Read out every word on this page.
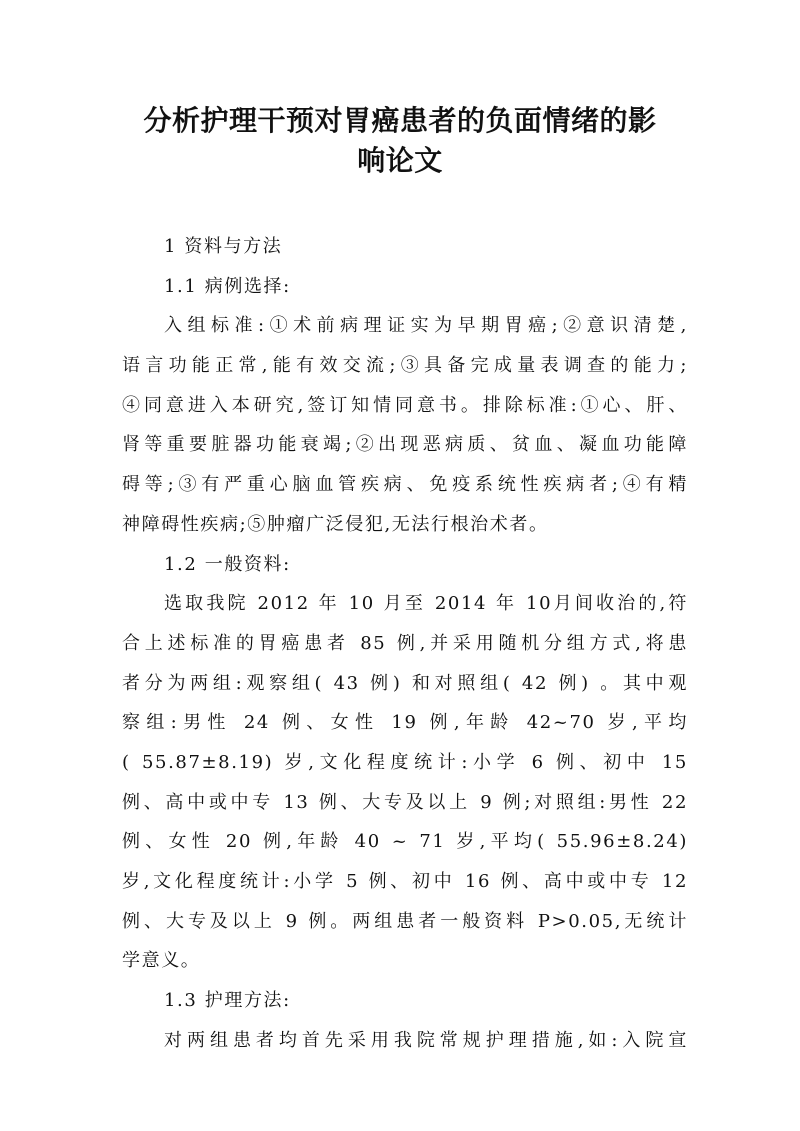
分析护理干预对胃癌患者的负面情绪的影
响论文
1 资料与方法
1.1 病例选择:
入组标准:①术前病理证实为早期胃癌;②意识清楚,
语言功能正常,能有效交流;③具备完成量表调查的能力;
④同意进入本研究,签订知情同意书。排除标准:①心、肝、
肾等重要脏器功能衰竭;②出现恶病质、贫血、凝血功能障
碍等;③有严重心脑血管疾病、免疫系统性疾病者;④有精
神障碍性疾病;⑤肿瘤广泛侵犯,无法行根治术者。
1.2 一般资料:
选取我院 2012 年 10 月至 2014 年 10月间收治的,符
合上述标准的胃癌患者 85 例,并采用随机分组方式,将患
者分为两组:观察组( 43 例) 和对照组( 42 例) 。其中观
察组:男性 24 例、女性 19 例,年龄 42~70 岁,平均
( 55.87±8.19) 岁,文化程度统计:小学 6 例、初中 15
例、高中或中专 13 例、大专及以上 9 例;对照组:男性 22
例、女性 20 例,年龄 40 ~ 71 岁,平均( 55.96±8.24)
岁,文化程度统计:小学 5 例、初中 16 例、高中或中专 12
例、大专及以上 9 例。两组患者一般资料 P>0.05,无统计
学意义。
1.3 护理方法:
对两组患者均首先采用我院常规护理措施,如:入院宣
